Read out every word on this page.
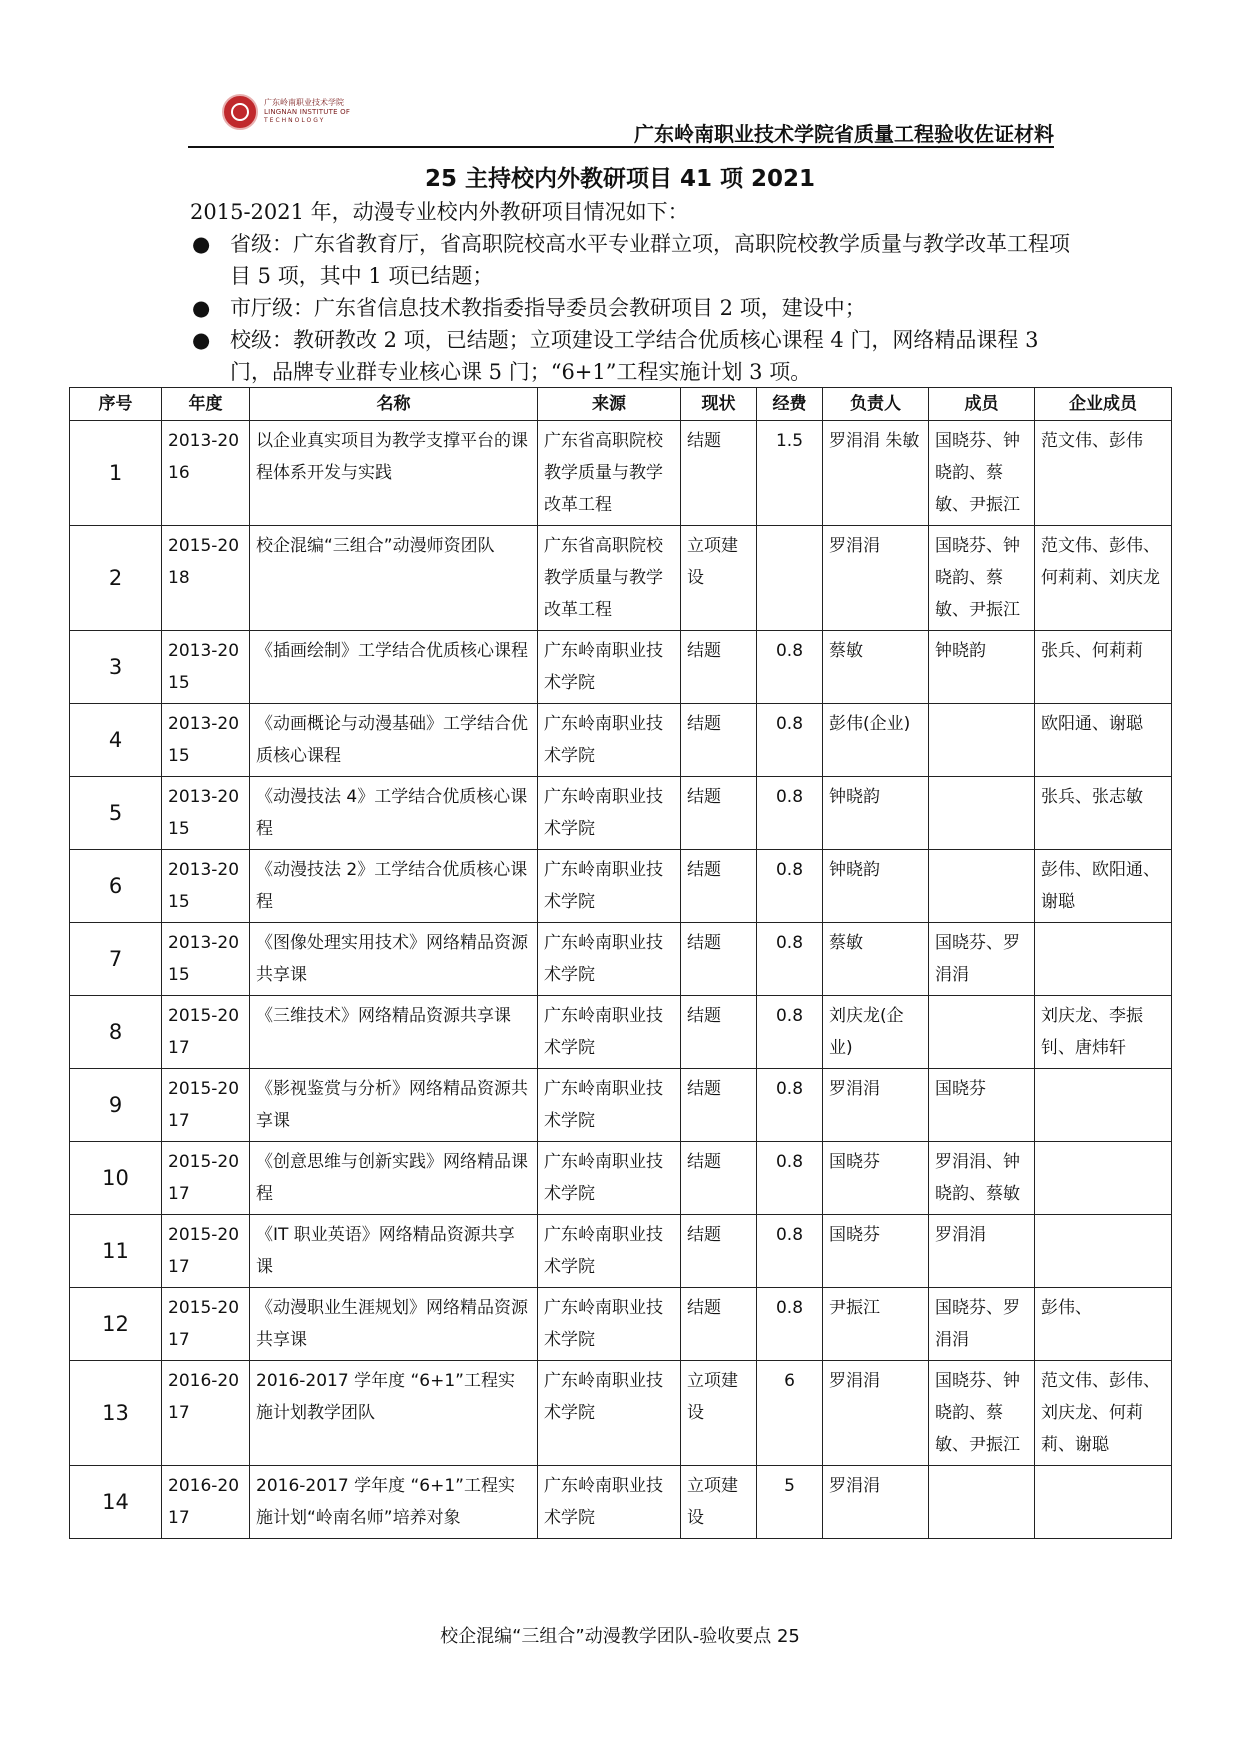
广东岭南职业技术学院
LINGNAN INSTITUTE OF
TECHNOLOGY
广东岭南职业技术学院省质量工程验收佐证材料
25 主持校内外教研项目 41 项 2021
2015-2021 年，动漫专业校内外教研项目情况如下：
● 省级：广东省教育厅，省高职院校高水平专业群立项，高职院校教学质量与教学改革工程项目 5 项，其中 1 项已结题；
● 市厅级：广东省信息技术教指委指导委员会教研项目 2 项，建设中；
● 校级：教研教改 2 项，已结题；立项建设工学结合优质核心课程 4 门，网络精品课程 3 门，品牌专业群专业核心课 5 门；“6+1”工程实施计划 3 项。
序号	年度	名称	来源	现状	经费	负责人	成员	企业成员
1	2013-2016	以企业真实项目为教学支撑平台的课程体系开发与实践	广东省高职院校教学质量与教学改革工程	结题	1.5	罗涓涓 朱敏	国晓芬、钟晓韵、蔡敏、尹振江	范文伟、彭伟
2	2015-2018	校企混编“三组合”动漫师资团队	广东省高职院校教学质量与教学改革工程	立项建设		罗涓涓	国晓芬、钟晓韵、蔡敏、尹振江	范文伟、彭伟、何莉莉、刘庆龙
3	2013-2015	《插画绘制》工学结合优质核心课程	广东岭南职业技术学院	结题	0.8	蔡敏	钟晓韵	张兵、何莉莉
4	2013-2015	《动画概论与动漫基础》工学结合优质核心课程	广东岭南职业技术学院	结题	0.8	彭伟(企业)		欧阳通、谢聪
5	2013-2015	《动漫技法 4》工学结合优质核心课程	广东岭南职业技术学院	结题	0.8	钟晓韵		张兵、张志敏
6	2013-2015	《动漫技法 2》工学结合优质核心课程	广东岭南职业技术学院	结题	0.8	钟晓韵		彭伟、欧阳通、谢聪
7	2013-2015	《图像处理实用技术》网络精品资源共享课	广东岭南职业技术学院	结题	0.8	蔡敏	国晓芬、罗涓涓	
8	2015-2017	《三维技术》网络精品资源共享课	广东岭南职业技术学院	结题	0.8	刘庆龙(企业)		刘庆龙、李振钊、唐炜轩
9	2015-2017	《影视鉴赏与分析》网络精品资源共享课	广东岭南职业技术学院	结题	0.8	罗涓涓	国晓芬	
10	2015-2017	《创意思维与创新实践》网络精品课程	广东岭南职业技术学院	结题	0.8	国晓芬	罗涓涓、钟晓韵、蔡敏	
11	2015-2017	《IT 职业英语》网络精品资源共享课	广东岭南职业技术学院	结题	0.8	国晓芬	罗涓涓	
12	2015-2017	《动漫职业生涯规划》网络精品资源共享课	广东岭南职业技术学院	结题	0.8	尹振江	国晓芬、罗涓涓	彭伟、
13	2016-2017	2016-2017 学年度 “6+1”工程实施计划教学团队	广东岭南职业技术学院	立项建设	6	罗涓涓	国晓芬、钟晓韵、蔡敏、尹振江	范文伟、彭伟、刘庆龙、何莉莉、谢聪
14	2016-2017	2016-2017 学年度 “6+1”工程实施计划“岭南名师”培养对象	广东岭南职业技术学院	立项建设	5	罗涓涓		
校企混编“三组合”动漫教学团队-验收要点 25
